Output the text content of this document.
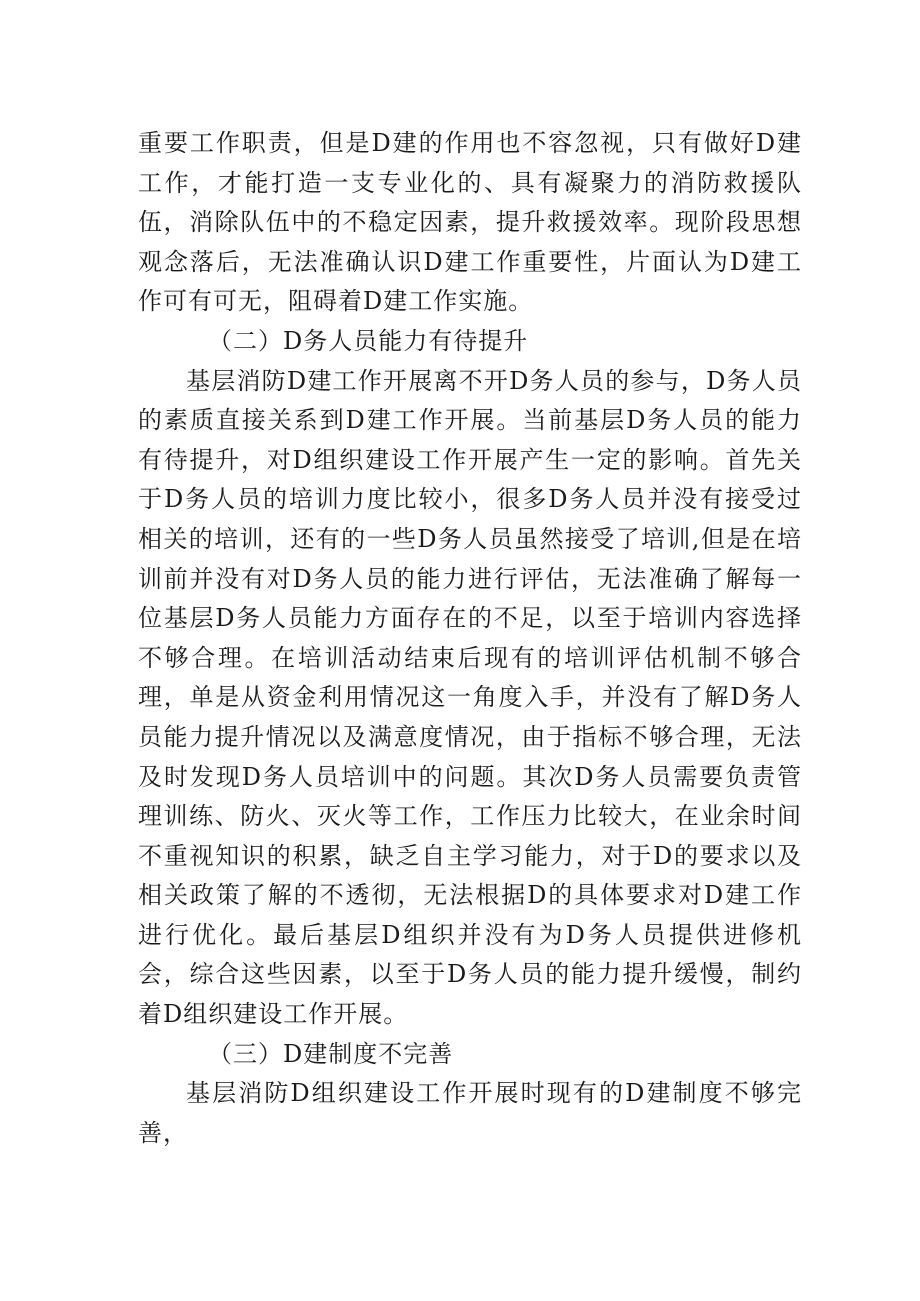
重要工作职责，但是D建的作用也不容忽视，只有做好D建工作，才能打造一支专业化的、具有凝聚力的消防救援队伍，消除队伍中的不稳定因素，提升救援效率。现阶段思想观念落后，无法准确认识D建工作重要性，片面认为D建工作可有可无，阻碍着D建工作实施。

（二）D务人员能力有待提升

基层消防D建工作开展离不开D务人员的参与，D务人员的素质直接关系到D建工作开展。当前基层D务人员的能力有待提升，对D组织建设工作开展产生一定的影响。首先关于D务人员的培训力度比较小，很多D务人员并没有接受过相关的培训，还有的一些D务人员虽然接受了培训,但是在培训前并没有对D务人员的能力进行评估，无法准确了解每一位基层D务人员能力方面存在的不足，以至于培训内容选择不够合理。在培训活动结束后现有的培训评估机制不够合理，单是从资金利用情况这一角度入手，并没有了解D务人员能力提升情况以及满意度情况，由于指标不够合理，无法及时发现D务人员培训中的问题。其次D务人员需要负责管理训练、防火、灭火等工作，工作压力比较大，在业余时间不重视知识的积累，缺乏自主学习能力，对于D的要求以及相关政策了解的不透彻，无法根据D的具体要求对D建工作进行优化。最后基层D组织并没有为D务人员提供进修机会，综合这些因素，以至于D务人员的能力提升缓慢，制约着D组织建设工作开展。

（三）D建制度不完善

基层消防D组织建设工作开展时现有的D建制度不够完善，
